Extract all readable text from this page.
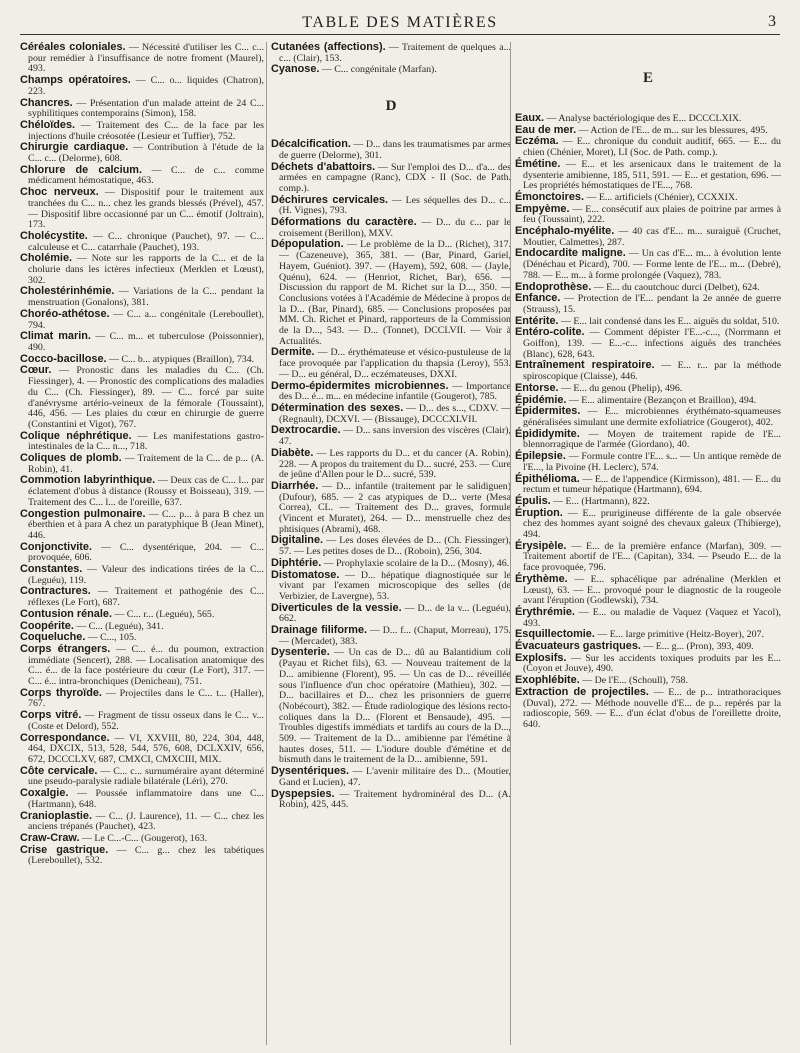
TABLE DES MATIÈRES	3

Céréales coloniales. — Nécessité d'utiliser les C... c... pour remédier à l'insuffisance de notre froment (Maurel), 493.

Champs opératoires. — C... o... liquides (Chatron), 223.

Chancres. — Présentation d'un malade atteint de 24 C... syphilitiques contemporains (Simon), 158.

Chéloïdes. — Traitement des C... de la face par les injections d'huile créosotée (Lesieur et Tuffier), 752.

Chirurgie cardiaque. — Contribution à l'étude de la C... c... (Delorme), 608.

Chlorure de calcium. — C... de c... comme médicament hémostatique, 463.

Choc nerveux. — Dispositif pour le traitement aux tranchées du C... n... chez les grands blessés (Prével), 457. — Dispositif libre occasionné par un C... émotif (Joltrain), 173.

Cholécystite. — C... chronique (Pauchet), 97. — C... calculeuse et C... catarrhale (Pauchet), 193.

Cholémie. — Note sur les rapports de la C... et de la cholurie dans les ictères infectieux (Merklen et Lœust), 302.

Cholestérinhémie. — Variations de la C... pendant la menstruation (Gonalons), 381.

Choréo-athétose. — C... a... congénitale (Lereboullet), 794.

Climat marin. — C... m... et tuberculose (Poissonnier), 490.

Cocco-bacillose. — C... b... atypiques (Braillon), 734.

Cœur. — Pronostic dans les maladies du C... (Ch. Fiessinger), 4. — Pronostic des complications des maladies du C... (Ch. Fiessinger), 89. — C... forcé par suite d'anévrysme artério-veineux de la fémorale (Toussaint), 446, 456. — Les plaies du cœur en chirurgie de guerre (Constantini et Vigot), 767.

Colique néphrétique. — Les manifestations gastro-intestinales de la C... n..., 718.

Coliques de plomb. — Traitement de la C... de p... (A. Robin), 41.

Commotion labyrinthique. — Deux cas de C... l... par éclatement d'obus à distance (Roussy et Boisseau), 319. — Traitement des C... l... de l'oreille, 637.

Congestion pulmonaire. — C... p... à para B chez un éberthien et à para A chez un paratyphique B (Jean Minet), 446.

Conjonctivite. — C... dysentérique, 204. — C... provoquée, 606.

Constantes. — Valeur des indications tirées de la C... (Leguéu), 119.

Contractures. — Traitement et pathogénie des C... réflexes (Le Fort), 687.

Contusion rénale. — C... r... (Leguéu), 565.

Coopérite. — C... (Leguéu), 341.

Coqueluche. — C..., 105.

Corps étrangers. — C... é... du poumon, extraction immédiate (Sencert), 288. — Localisation anatomique des C... é... de la face postérieure du cœur (Le Fort), 317. — C... é... intra-bronchiques (Denicheau), 751.

Corps thyroïde. — Projectiles dans le C... t... (Haller), 767.

Corps vitré. — Fragment de tissu osseux dans le C... v... (Coste et Delord), 552.

Correspondance. — VI, XXVIII, 80, 224, 304, 448, 464, DXCIX, 513, 528, 544, 576, 608, DCLXXIV, 656, 672, DCCCLXV, 687, CMXCI, CMXCIII, MIX.

Côte cervicale. — C... c... surnuméraire ayant déterminé une pseudo-paralysie radiale bilatérale (Léri), 270.

Coxalgie. — Poussée inflammatoire dans une C... (Hartmann), 648.

Cranioplastie. — C... (J. Laurence), 11. — C... chez les anciens trépanés (Pauchet), 423.

Craw-Craw. — Le C...-C... (Gougerot), 163.

Crise gastrique. — C... g... chez les tabétiques (Lereboullet), 532.

Cutanées (affections). — Traitement de quelques a... c... (Clair), 153.

Cyanose. — C... congénitale (Marfan).

D

Décalcification. — D... dans les traumatismes par armes de guerre (Delorme), 301.

Déchets d'abattoirs. — Sur l'emploi des D... d'a... des armées en campagne (Ranc), CDX - II (Soc. de Path. comp.).

Déchirures cervicales. — Les séquelles des D... c... (H. Vignes), 793.

Déformations du caractère. — D... du c... par le croisement (Berillon), MXV.

Dépopulation. — Le problème de la D... (Richet), 317. — (Cazeneuve), 365, 381. — (Bar, Pinard, Gariel, Hayem, Guéniot). 397. — (Hayem), 592, 608. — (Jayle, Quénu), 624. — (Henriot, Richet, Bar), 656. — Discussion du rapport de M. Richet sur la D..., 350. — Conclusions votées à l'Académie de Médecine à propos de la D... (Bar, Pinard), 685. — Conclusions proposées par MM. Ch. Richet et Pinard, rapporteurs de la Commission de la D..., 543. — D... (Tonnet), DCCLVII. — Voir à Actualités.

Dermite. — D... érythémateuse et vésico-pustuleuse de la face provoquée par l'application du thapsia (Leroy), 553. — D... eu général, D... eczémateuses, DXXI.

Dermo-épidermites microbiennes. — Importance des D... é... m... en médecine infantile (Gougerot), 785.

Détermination des sexes. — D... des s..., CDXV. — (Regnault), DCXVI. — (Bissauge), DCCCXLVII.

Dextrocardie. — D... sans inversion des viscères (Clair), 47.

Diabète. — Les rapports du D... et du cancer (A. Robin), 228. — A propos du traitement du D... sucré, 253. — Cure de jeûne d'Allen pour le D... sucré, 539.

Diarrhée. — D... infantile (traitement par le salidiguen) (Dufour), 685. — 2 cas atypiques de D... verte (Mesa Correa), CL. — Traitement des D... graves, formule (Vincent et Muratet), 264. — D... menstruelle chez des phtisiques (Abrami), 468.

Digitaline. — Les doses élevées de D... (Ch. Fiessinger), 57. — Les petites doses de D... (Roboin), 256, 304.

Diphtérie. — Prophylaxie scolaire de la D... (Mosny), 46.

Distomatose. — D... hépatique diagnostiquée sur le vivant par l'examen microscopique des selles (de Verbizier, de Lavergne), 53.

Diverticules de la vessie. — D... de la v... (Leguéu), 662.

Drainage filiforme. — D... f... (Chaput, Morreau), 175. — (Mercadet), 383.

Dysenterie. — Un cas de D... dû au Balantidium coli (Payau et Richet fils), 63. — Nouveau traitement de la D... amibienne (Florent), 95. — Un cas de D... réveillée sous l'influence d'un choc opératoire (Mathieu), 302. — D... bacillaires et D... chez les prisonniers de guerre (Nobécourt), 382. — Étude radiologique des lésions recto-coliques dans la D... (Florent et Bensaude), 495. — Troubles digestifs immédiats et tardifs au cours de la D..., 509. — Traitement de la D... amibienne par l'émétine à hautes doses, 511. — L'iodure double d'émétine et de bismuth dans le traitement de la D... amibienne, 591.

Dysentériques. — L'avenir militaire des D... (Moutier, Gand et Lucien), 47.

Dyspepsies. — Traitement hydrominéral des D... (A. Robin), 425, 445.

E

Eaux. — Analyse bactériologique des E... DCCCLXIX.

Eau de mer. — Action de l'E... de m... sur les blessures, 495.

Eczéma. — E... chronique du conduit auditif, 665. — E... du chien (Chénier, Moret), LI (Soc. de Path. comp.).

Émétine. — E... et les arsenicaux dans le traitement de la dysenterie amibienne, 185, 511, 591. — E... et gestation, 696. — Les propriétés hémostatiques de l'E..., 768.

Émonctoires. — E... artificiels (Chénier), CCXXIX.

Empyème. — E... consécutif aux plaies de poitrine par armes à feu (Toussaint), 222.

Encéphalo-myélite. — 40 cas d'E... m... suraiguë (Cruchet, Moutier, Calmettes), 287.

Endocardite maligne. — Un cas d'E... m... à évolution lente (Dénéchau et Picard), 700. — Forme lente de l'E... m... (Debré), 788. — E... m... à forme prolongée (Vaquez), 783.

Endoprothèse. — E... du caoutchouc durci (Delbet), 624.

Enfance. — Protection de l'E... pendant la 2e année de guerre (Strauss), 15.

Entérite. — E... lait condensé dans les E... aiguës du soldat, 510.

Entéro-colite. — Comment dépister l'E...-c..., (Norrmann et Goiffon), 139. — E...-c... infections aiguës des tranchées (Blanc), 628, 643.

Entraînement respiratoire. — E... r... par la méthode spiroscopique (Claisse), 446.

Entorse. — E... du genou (Phelip), 496.

Épidémie. — E... alimentaire (Bezançon et Braillon), 494.

Épidermites. — E... microbiennes érythémato-squameuses généralisées simulant une dermite exfoliatrice (Gougerot), 402.

Épididymite. — Moyen de traitement rapide de l'E... blennorragique de l'armée (Giordano), 40.

Épilepsie. — Formule contre l'E... s... — Un antique remède de l'E..., la Pivoine (H. Leclerc), 574.

Épithélioma. — E... de l'appendice (Kirmisson), 481. — E... du rectum et tumeur hépatique (Hartmann), 694.

Épulis. — E... (Hartmann), 822.

Éruption. — E... prurigineuse différente de la gale observée chez des hommes ayant soigné des chevaux galeux (Thibierge), 494.

Érysipèle. — E... de la première enfance (Marfan), 309. — Traitement abortif de l'E... (Capitan), 334. — Pseudo E... de la face provoquée, 796.

Érythème. — E... sphacélique par adrénaline (Merklen et Lœust), 63. — E... provoqué pour le diagnostic de la rougeole avant l'éruption (Godlewski), 734.

Érythrémie. — E... ou maladie de Vaquez (Vaquez et Yacol), 493.

Esquillectomie. — E... large primitive (Heitz-Boyer), 207.

Évacuateurs gastriques. — E... g... (Pron), 393, 409.

Explosifs. — Sur les accidents toxiques produits par les E... (Coyon et Jouve), 490.

Exophlébite. — De l'E... (Schoull), 758.

Extraction de projectiles. — E... de p... intrathoraciques (Duval), 272. — Méthode nouvelle d'E... de p... repérés par la radioscopie, 569. — E... d'un éclat d'obus de l'oreillette droite, 640.
